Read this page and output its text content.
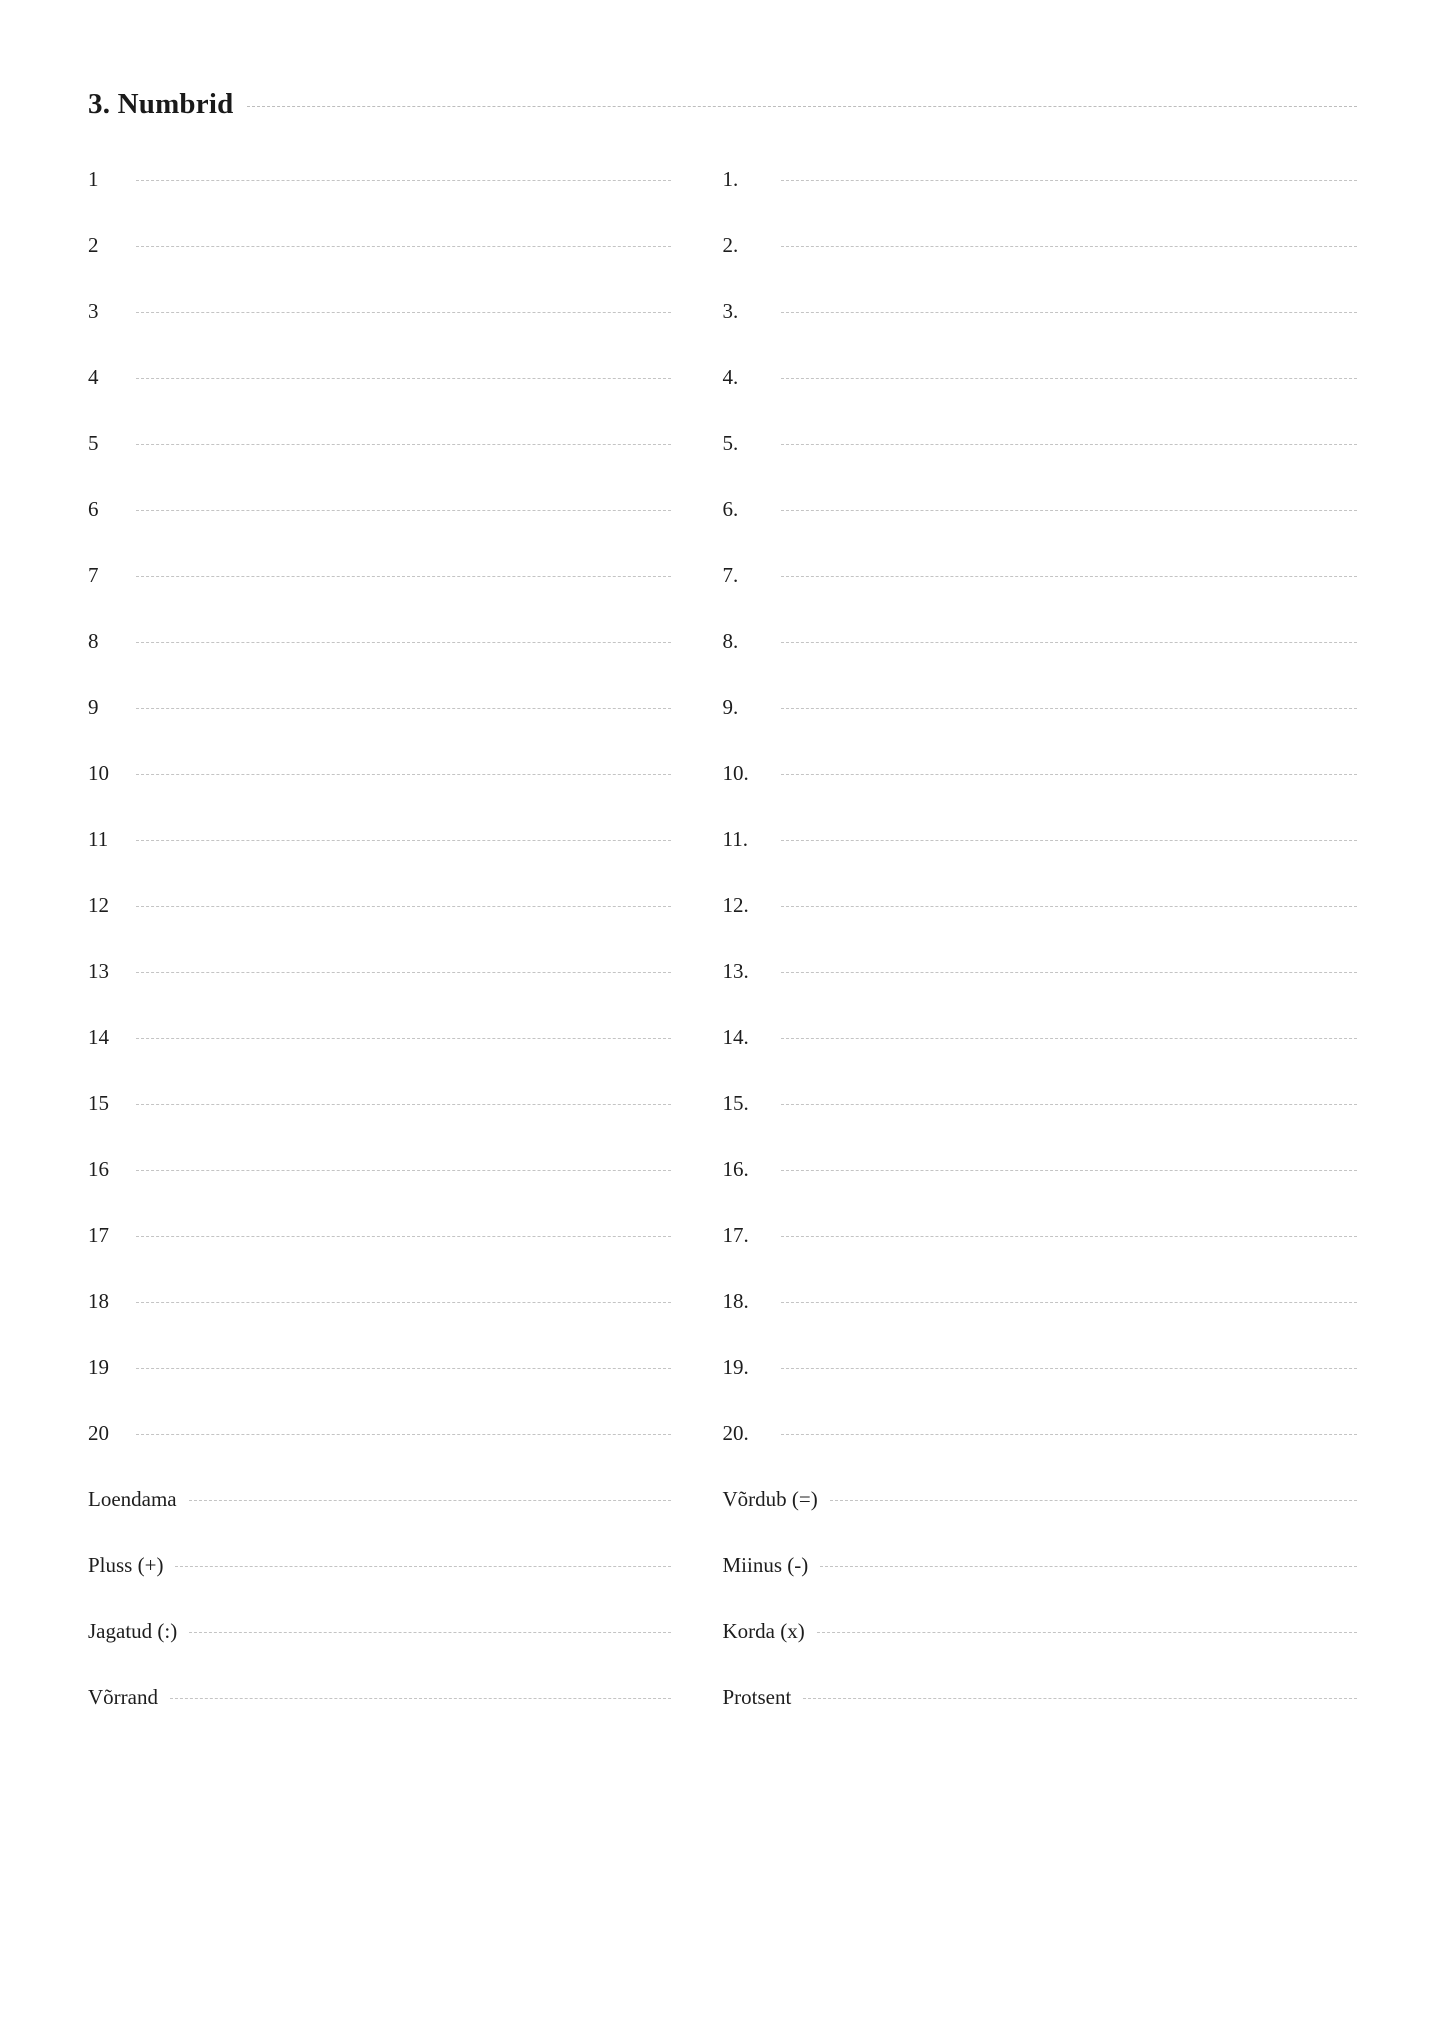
3. Numbrid
1
2
3
4
5
6
7
8
9
10
11
12
13
14
15
16
17
18
19
20
Loendama
Pluss (+)
Jagatud (:)
Võrrand
1.
2.
3.
4.
5.
6.
7.
8.
9.
10.
11.
12.
13.
14.
15.
16.
17.
18.
19.
20.
Võrdub (=)
Miinus (-)
Korda (x)
Protsent
